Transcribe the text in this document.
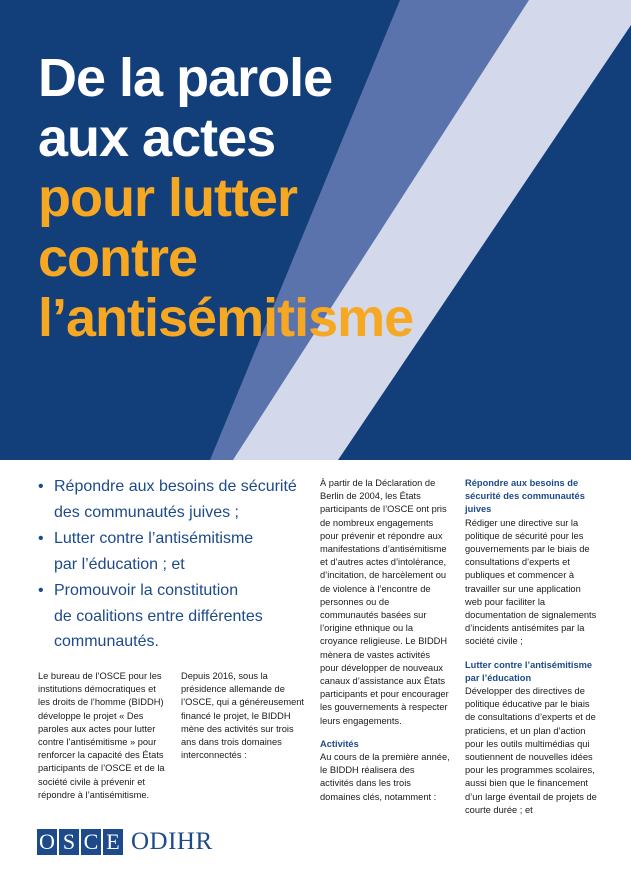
De la parole
aux actes
pour lutter
contre
l’antisémitisme
• Répondre aux besoins de sécurité
des communautés juives ;
• Lutter contre l’antisémitisme
par l’éducation ; et
• Promouvoir la constitution
de coalitions entre différentes
communautés.

Le bureau de l’OSCE pour les institutions démocratiques et les droits de l’homme (BIDDH) développe le projet « Des paroles aux actes pour lutter contre l’antisémitisme » pour renforcer la capacité des États participants de l’OSCE et de la société civile à prévenir et répondre à l’antisémitisme.

Depuis 2016, sous la présidence allemande de l’OSCE, qui a généreusement financé le projet, le BIDDH mène des activités sur trois ans dans trois domaines interconnectés :

À partir de la Déclaration de Berlin de 2004, les États participants de l’OSCE ont pris de nombreux engagements pour prévenir et répondre aux manifestations d’antisémitisme et d’autres actes d’intolérance, d’incitation, de harcèlement ou de violence à l’encontre de personnes ou de communautés basées sur l’origine ethnique ou la croyance religieuse. Le BIDDH mènera de vastes activités pour développer de nouveaux canaux d’assistance aux États participants et pour encourager les gouvernements à respecter leurs engagements.

Activités

Au cours de la première année, le BIDDH réalisera des activités dans les trois domaines clés, notamment :

Répondre aux besoins de sécurité des communautés juives

Rédiger une directive sur la politique de sécurité pour les gouvernements par le biais de consultations d’experts et publiques et commencer à travailler sur une application web pour faciliter la documentation de signalements d’incidents antisémites par la société civile ;

Lutter contre l’antisémitisme par l’éducation

Développer des directives de politique éducative par le biais de consultations d’experts et de praticiens, et un plan d’action pour les outils multimédias qui soutiennent de nouvelles idées pour les programmes scolaires, aussi bien que le financement d’un large éventail de projets de courte durée ; et

O S C E ODIHR
